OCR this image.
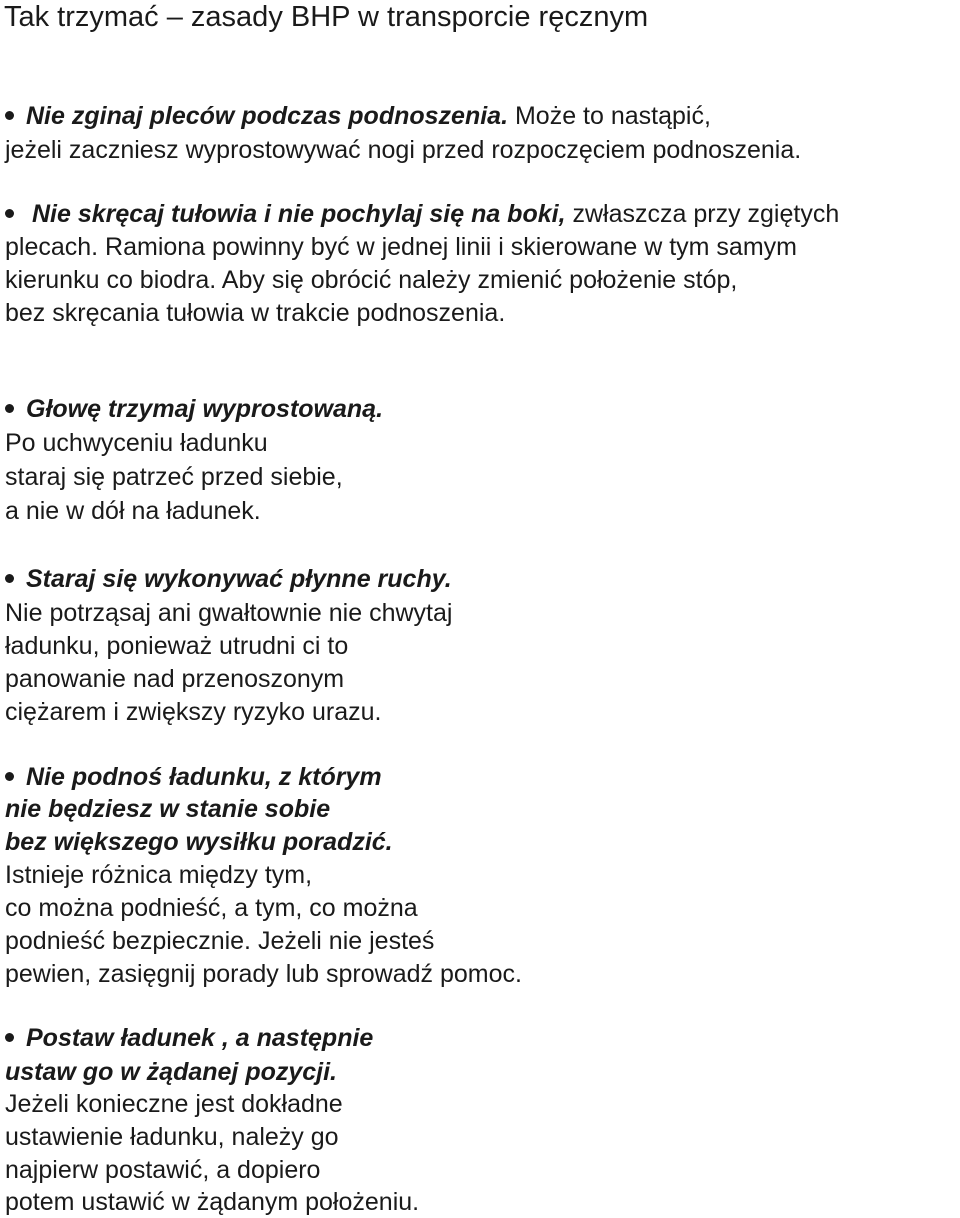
Tak trzymać – zasady BHP w transporcie ręcznym
Nie zginaj pleców podczas podnoszenia. Może to nastąpić,
jeżeli zaczniesz wyprostowywać nogi przed rozpoczęciem podnoszenia.
Nie skręcaj tułowia i nie pochylaj się na boki, zwłaszcza przy zgiętych
plecach. Ramiona powinny być w jednej linii i skierowane w tym samym
kierunku co biodra. Aby się obrócić należy zmienić położenie stóp,
bez skręcania tułowia w trakcie podnoszenia.
Głowę trzymaj wyprostowaną.
Po uchwyceniu ładunku
staraj się patrzeć przed siebie,
a nie w dół na ładunek.
Staraj się wykonywać płynne ruchy.
Nie potrząsaj ani gwałtownie nie chwytaj
ładunku, ponieważ utrudni ci to
panowanie nad przenoszonym
ciężarem i zwiększy ryzyko urazu.
Nie podnoś ładunku, z którym
nie będziesz w stanie sobie
bez większego wysiłku poradzić.
Istnieje różnica między tym,
co można podnieść, a tym, co można
podnieść bezpiecznie. Jeżeli nie jesteś
pewien, zasięgnij porady lub sprowadź pomoc.
Postaw ładunek , a następnie
ustaw go w żądanej pozycji.
Jeżeli konieczne jest dokładne
ustawienie ładunku, należy go
najpierw postawić, a dopiero
potem ustawić w żądanym położeniu.
